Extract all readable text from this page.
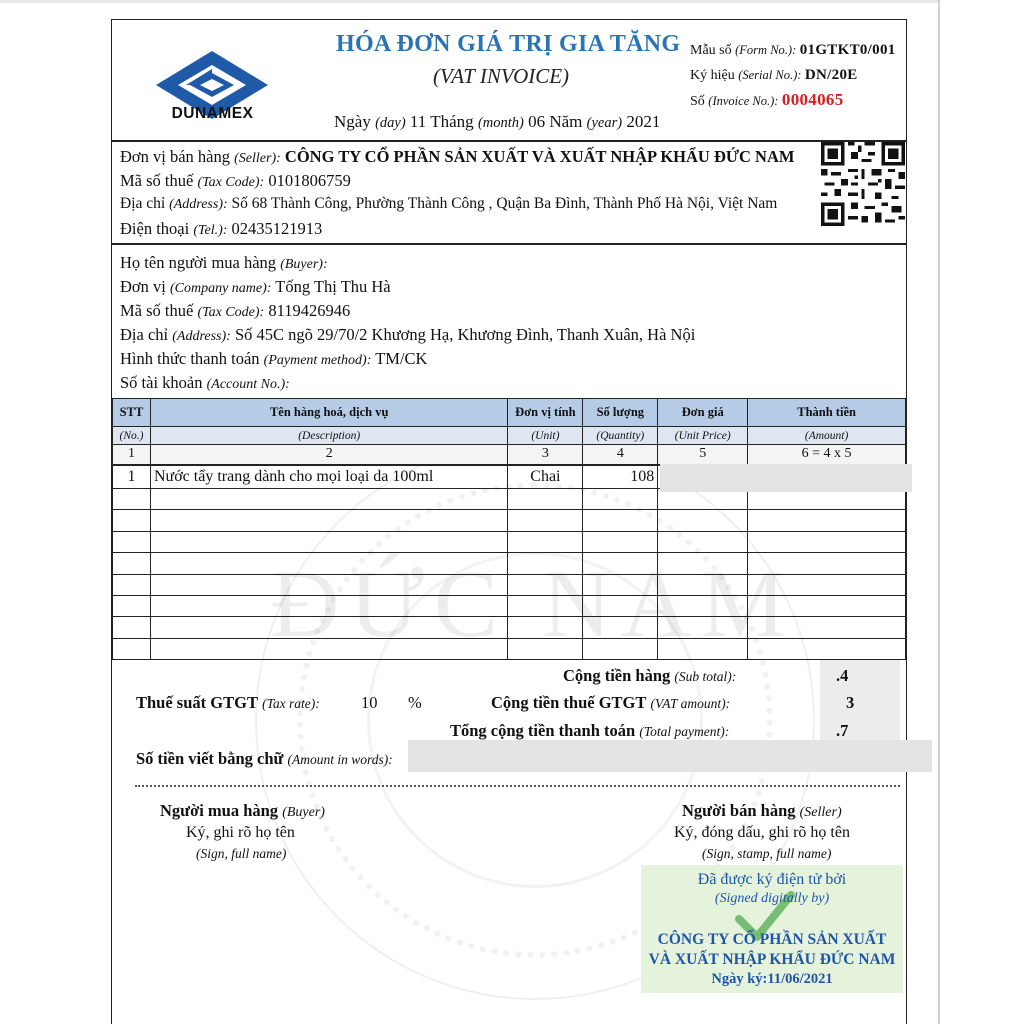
ĐỨC NAM
DUNAMEX
HÓA ĐƠN GIÁ TRỊ GIA TĂNG
(VAT INVOICE)
Ngày (day) 11 Tháng (month) 06 Năm (year) 2021
Mẫu số (Form No.): 01GTKT0/001
Ký hiệu (Serial No.): DN/20E
Số (Invoice No.): 0004065
Đơn vị bán hàng (Seller): CÔNG TY CỔ PHẦN SẢN XUẤT VÀ XUẤT NHẬP KHẨU ĐỨC NAM
Mã số thuế (Tax Code): 0101806759
Địa chỉ (Address): Số 68 Thành Công, Phường Thành Công , Quận Ba Đình, Thành Phố Hà Nội, Việt Nam
Điện thoại (Tel.): 02435121913
Họ tên người mua hàng (Buyer):
Đơn vị (Company name): Tống Thị Thu Hà
Mã số thuế (Tax Code): 8119426946
Địa chỉ (Address): Số 45C ngõ 29/70/2 Khương Hạ, Khương Đình, Thanh Xuân, Hà Nội
Hình thức thanh toán (Payment method): TM/CK
Số tài khoản (Account No.):
STT	Tên hàng hoá, dịch vụ	Đơn vị tính	Số lượng	Đơn giá	Thành tiền
(No.)	(Description)	(Unit)	(Quantity)	(Unit Price)	(Amount)
1	2	3	4	5	6 = 4 x 5
1	Nước tẩy trang dành cho mọi loại da 100ml	Chai	108		

Cộng tiền hàng (Sub total):	.4
Thuế suất GTGT (Tax rate):	10 %	Cộng tiền thuế GTGT (VAT amount):	3
Tổng cộng tiền thanh toán (Total payment):	.7
Số tiền viết bằng chữ (Amount in words):
Người mua hàng (Buyer)
Ký, ghi rõ họ tên
(Sign, full name)
Người bán hàng (Seller)
Ký, đóng dấu, ghi rõ họ tên
(Sign, stamp, full name)
Đã được ký điện tử bởi
(Signed digitally by)
CÔNG TY CỔ PHẦN SẢN XUẤT
VÀ XUẤT NHẬP KHẨU ĐỨC NAM
Ngày ký:11/06/2021
